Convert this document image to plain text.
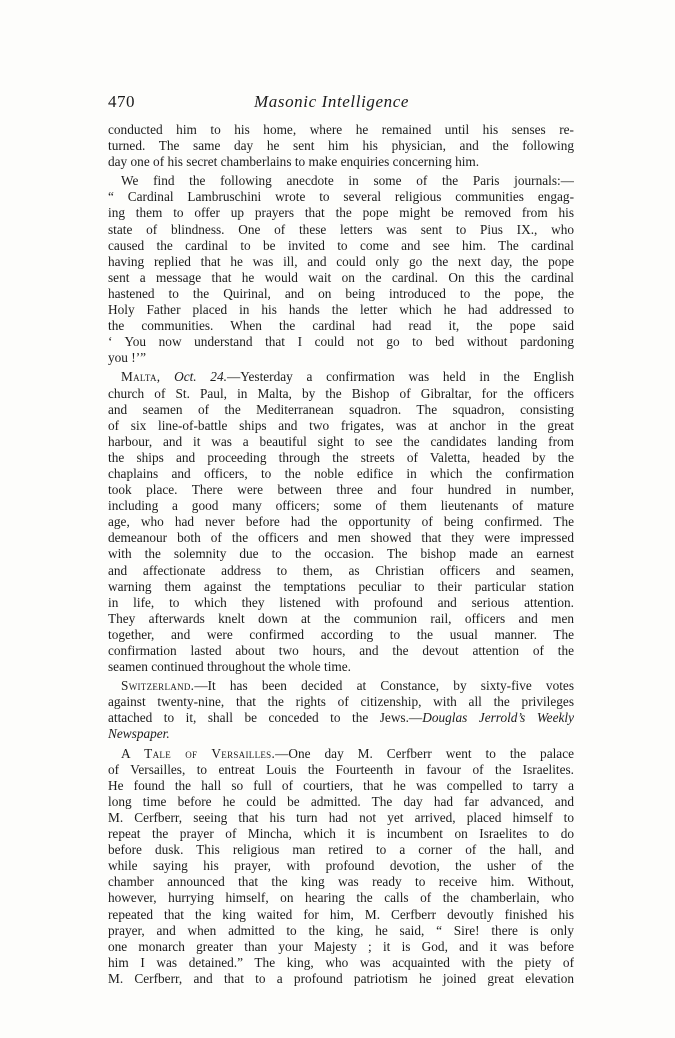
470	Masonic Intelligence
conducted him to his home, where he remained until his senses re-
turned. The same day he sent him his physician, and the following
day one of his secret chamberlains to make enquiries concerning him.
We find the following anecdote in some of the Paris journals:—
“ Cardinal Lambruschini wrote to several religious communities engag-
ing them to offer up prayers that the pope might be removed from his
state of blindness. One of these letters was sent to Pius IX., who
caused the cardinal to be invited to come and see him. The cardinal
having replied that he was ill, and could only go the next day, the pope
sent a message that he would wait on the cardinal. On this the cardinal
hastened to the Quirinal, and on being introduced to the pope, the
Holy Father placed in his hands the letter which he had addressed to
the communities. When the cardinal had read it, the pope said
‘ You now understand that I could not go to bed without pardoning
you !’”
Malta, Oct. 24.—Yesterday a confirmation was held in the English
church of St. Paul, in Malta, by the Bishop of Gibraltar, for the officers
and seamen of the Mediterranean squadron. The squadron, consisting
of six line-of-battle ships and two frigates, was at anchor in the great
harbour, and it was a beautiful sight to see the candidates landing from
the ships and proceeding through the streets of Valetta, headed by the
chaplains and officers, to the noble edifice in which the confirmation
took place. There were between three and four hundred in number,
including a good many officers; some of them lieutenants of mature
age, who had never before had the opportunity of being confirmed. The
demeanour both of the officers and men showed that they were impressed
with the solemnity due to the occasion. The bishop made an earnest
and affectionate address to them, as Christian officers and seamen,
warning them against the temptations peculiar to their particular station
in life, to which they listened with profound and serious attention.
They afterwards knelt down at the communion rail, officers and men
together, and were confirmed according to the usual manner. The
confirmation lasted about two hours, and the devout attention of the
seamen continued throughout the whole time.
Switzerland.—It has been decided at Constance, by sixty-five votes
against twenty-nine, that the rights of citizenship, with all the privileges
attached to it, shall be conceded to the Jews.—Douglas Jerrold’s Weekly
Newspaper.
A Tale of Versailles.—One day M. Cerfberr went to the palace
of Versailles, to entreat Louis the Fourteenth in favour of the Israelites.
He found the hall so full of courtiers, that he was compelled to tarry a
long time before he could be admitted. The day had far advanced, and
M. Cerfberr, seeing that his turn had not yet arrived, placed himself to
repeat the prayer of Mincha, which it is incumbent on Israelites to do
before dusk. This religious man retired to a corner of the hall, and
while saying his prayer, with profound devotion, the usher of the
chamber announced that the king was ready to receive him. Without,
however, hurrying himself, on hearing the calls of the chamberlain, who
repeated that the king waited for him, M. Cerfberr devoutly finished his
prayer, and when admitted to the king, he said, “ Sire! there is only
one monarch greater than your Majesty ; it is God, and it was before
him I was detained.” The king, who was acquainted with the piety of
M. Cerfberr, and that to a profound patriotism he joined great elevation
